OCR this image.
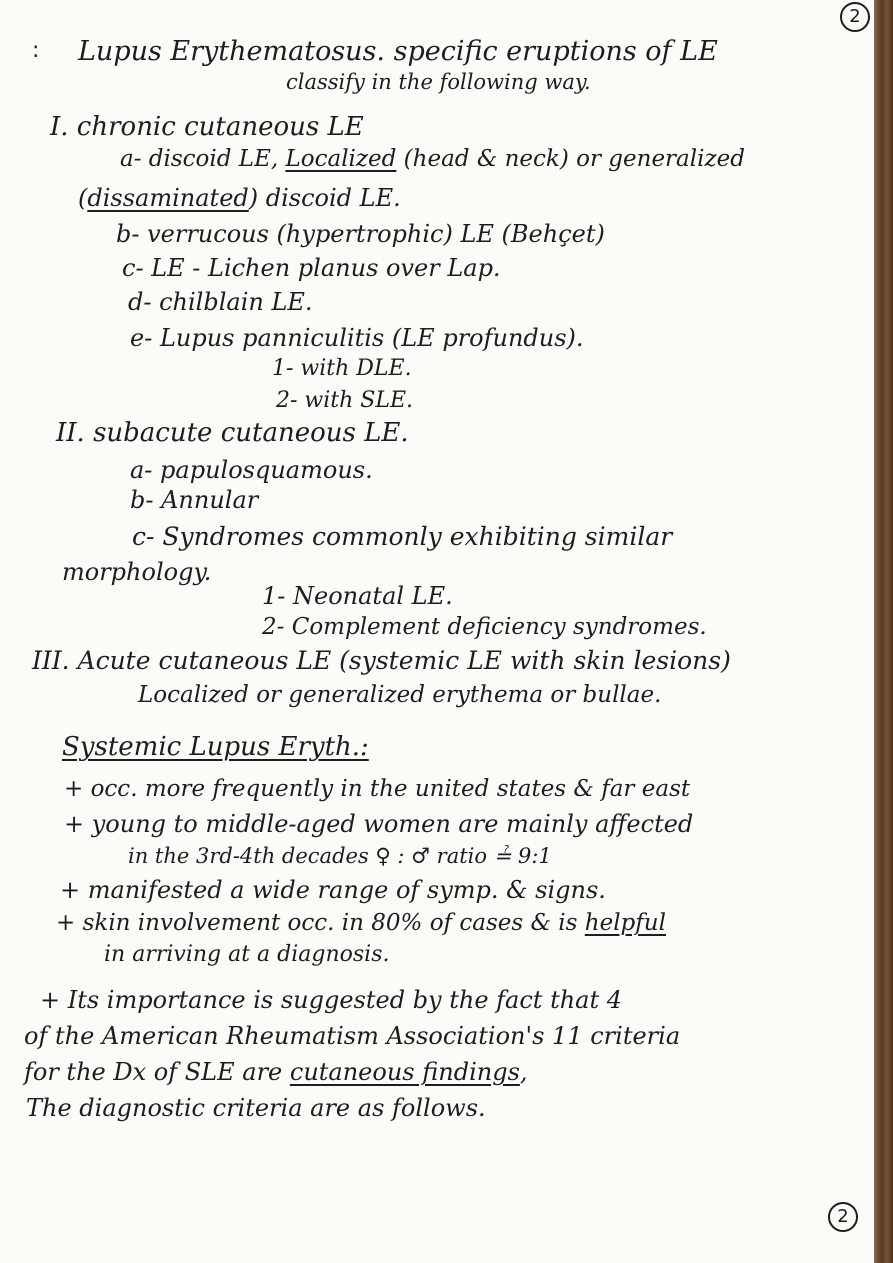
2
: Lupus Erythematosus. specific eruptions of LE

classify in the following way.

I. chronic cutaneous LE

a- discoid LE, Localized (head & neck) or generalized

(dissaminated) discoid LE.

b- verrucous (hypertrophic) LE (Behçet)

c- LE - Lichen planus over Lap.

d- chilblain LE.

e- Lupus panniculitis (LE profundus).

1- with DLE.

2- with SLE.

II. subacute cutaneous LE.

a- papulosquamous.

b- Annular

c- Syndromes commonly exhibiting similar

morphology.

1- Neonatal LE.

2- Complement deficiency syndromes.

III. Acute cutaneous LE (systemic LE with skin lesions)

Localized or generalized erythema or bullae.

Systemic Lupus Eryth.:

+ occ. more frequently in the united states & far east

+ young to middle-aged women are mainly affected

in the 3rd-4th decades ♀ : ♂ ratio ≟ 9:1

+ manifested a wide range of symp. & signs.

+ skin involvement occ. in 80% of cases & is helpful

in arriving at a diagnosis.

+ Its importance is suggested by the fact that 4

of the American Rheumatism Association's 11 criteria

for the Dx of SLE are cutaneous findings,

The diagnostic criteria are as follows.

2
